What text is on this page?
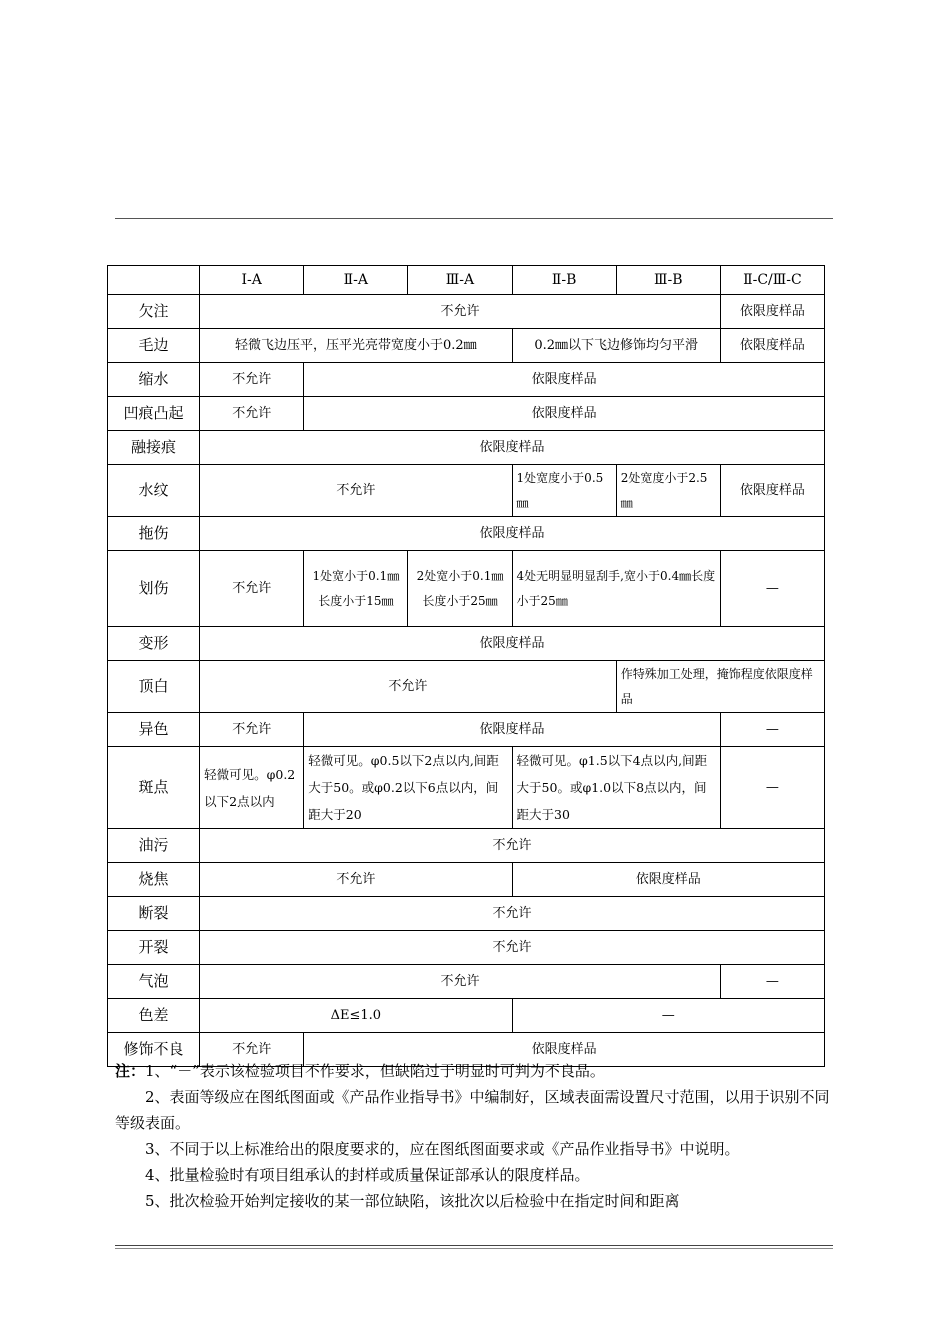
	Ⅰ-A	Ⅱ-A	Ⅲ-A	Ⅱ-B	Ⅲ-B	Ⅱ-C/Ⅲ-C
欠注	不允许					依限度样品
毛边	轻微飞边压平，压平光亮带宽度小于0.2㎜			0.2㎜以下飞边修饰均匀平滑		依限度样品
缩水	不允许	依限度样品				
凹痕凸起	不允许	依限度样品				
融接痕	依限度样品					
水纹	不允许			1处宽度小于0.5㎜	2处宽度小于2.5㎜	依限度样品
拖伤	依限度样品					
划伤	不允许	1处宽小于0.1㎜长度小于15㎜	2处宽小于0.1㎜长度小于25㎜	4处无明显明显刮手,宽小于0.4㎜长度小于25㎜		—
变形	依限度样品					
顶白	不允许				作特殊加工处理，掩饰程度依限度样品	
异色	不允许	依限度样品				—
斑点	轻微可见。φ0.2以下2点以内	轻微可见。φ0.5以下2点以内,间距大于50。或φ0.2以下6点以内，间距大于20		轻微可见。φ1.5以下4点以内,间距大于50。或φ1.0以下8点以内，间距大于30		—
油污	不允许					
烧焦	不允许			依限度样品		
断裂	不允许					
开裂	不允许					
气泡	不允许					—
色差	ΔE≤1.0			—		
修饰不良	不允许	依限度样品				

注：1、“－”表示该检验项目不作要求，但缺陷过于明显时可判为不良品。

2、表面等级应在图纸图面或《产品作业指导书》中编制好，区域表面需设置尺寸范围，以用于识别不同等级表面。

3、不同于以上标准给出的限度要求的，应在图纸图面要求或《产品作业指导书》中说明。

4、批量检验时有项目组承认的封样或质量保证部承认的限度样品。

5、批次检验开始判定接收的某一部位缺陷，该批次以后检验中在指定时间和距离
